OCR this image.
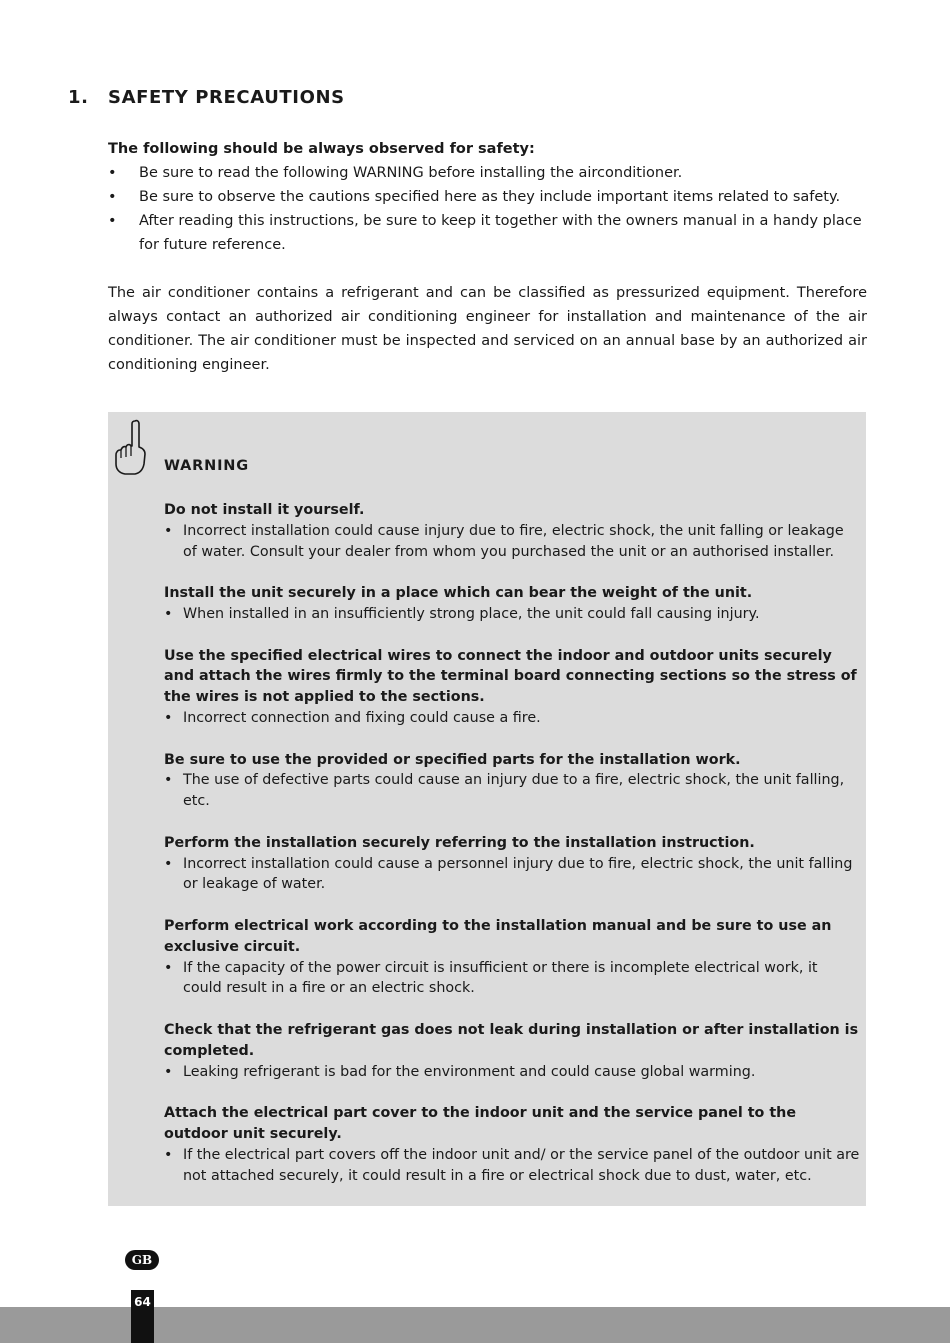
1. SAFETY PRECAUTIONS
The following should be always observed for safety:
• Be sure to read the following WARNING before installing the airconditioner.
• Be sure to observe the cautions specified here as they include important items related to safety.
• After reading this instructions, be sure to keep it together with the owners manual in a handy place for future reference.

The air conditioner contains a refrigerant and can be classified as pressurized equipment. Therefore always contact an authorized air conditioning engineer for installation and maintenance of the air conditioner. The air conditioner must be inspected and serviced on an annual base by an authorized air conditioning engineer.

WARNING
Do not install it yourself.
• Incorrect installation could cause injury due to fire, electric shock, the unit falling or leakage of water. Consult your dealer from whom you purchased the unit or an authorised installer.
Install the unit securely in a place which can bear the weight of the unit.
• When installed in an insufficiently strong place, the unit could fall causing injury.
Use the specified electrical wires to connect the indoor and outdoor units securely and attach the wires firmly to the terminal board connecting sections so the stress of the wires is not applied to the sections.
• Incorrect connection and fixing could cause a fire.
Be sure to use the provided or specified parts for the installation work.
• The use of defective parts could cause an injury due to a fire, electric shock, the unit falling, etc.
Perform the installation securely referring to the installation instruction.
• Incorrect installation could cause a personnel injury due to fire, electric shock, the unit falling or leakage of water.
Perform electrical work according to the installation manual and be sure to use an exclusive circuit.
• If the capacity of the power circuit is insufficient or there is incomplete electrical work, it could result in a fire or an electric shock.
Check that the refrigerant gas does not leak during installation or after installation is completed.
• Leaking refrigerant is bad for the environment and could cause global warming.
Attach the electrical part cover to the indoor unit and the service panel to the outdoor unit securely.
• If the electrical part covers off the indoor unit and/ or the service panel of the outdoor unit are not attached securely, it could result in a fire or electrical shock due to dust, water, etc.
GB
64
